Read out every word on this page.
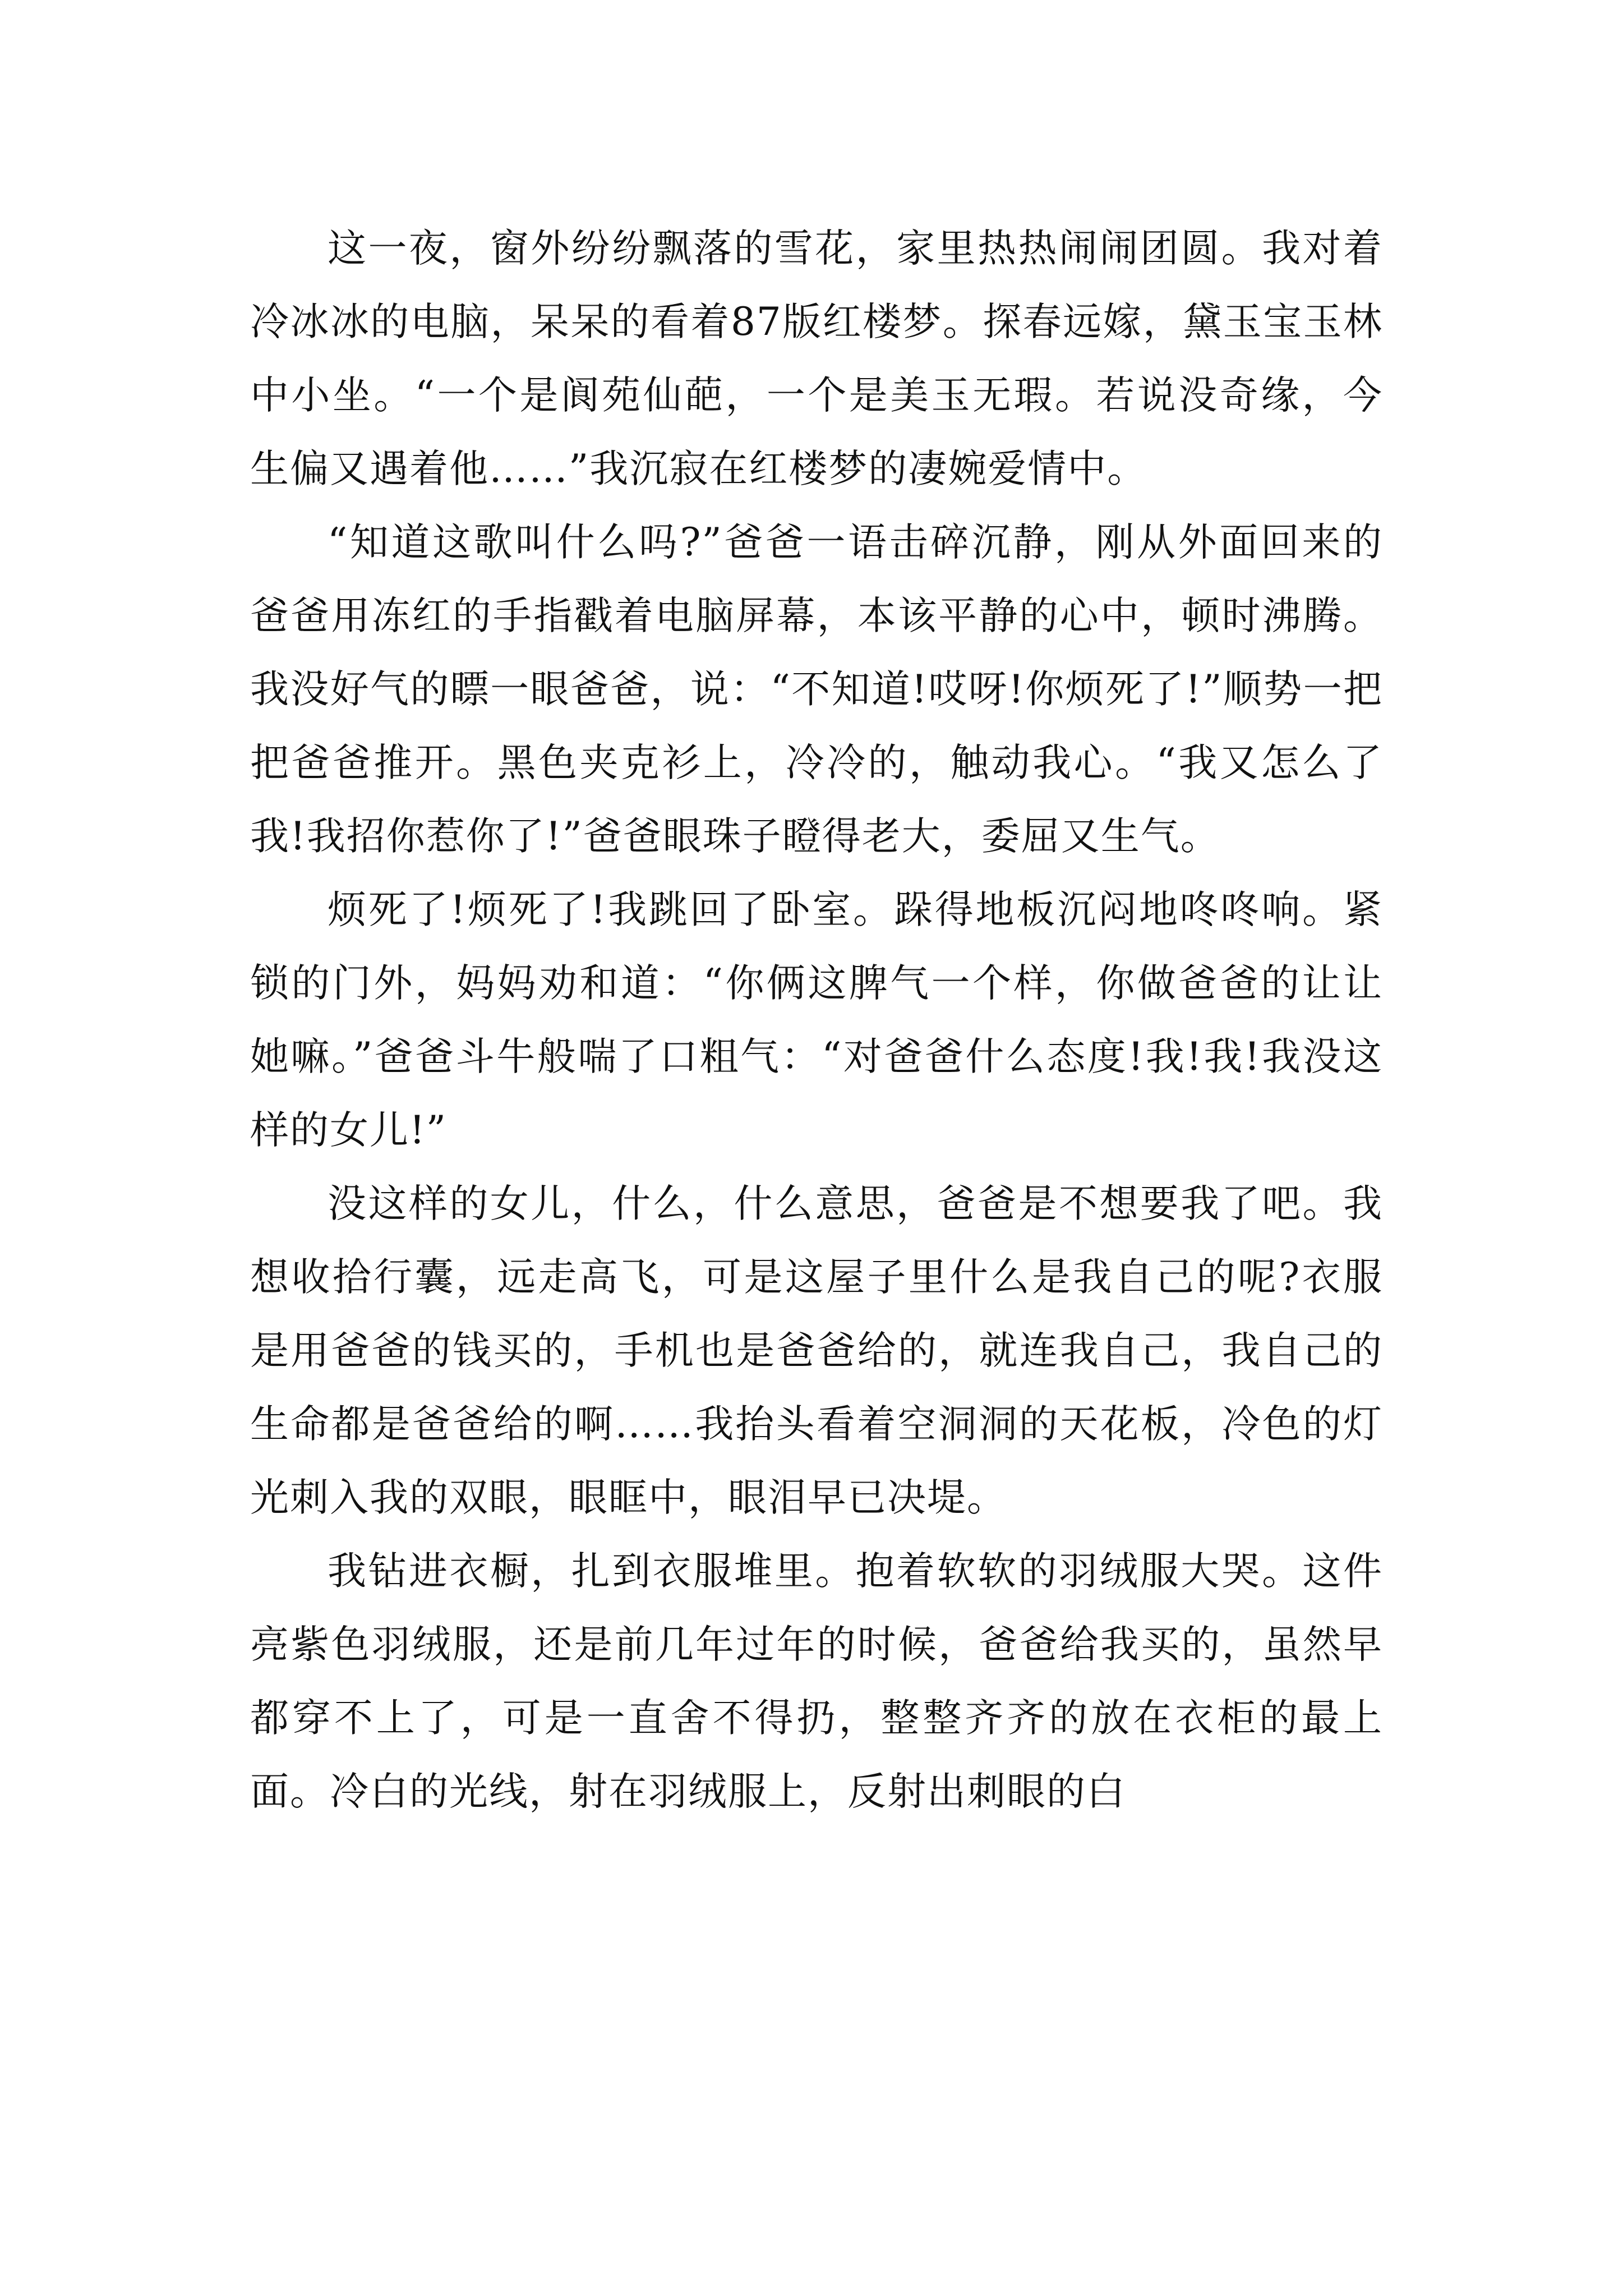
这一夜，窗外纷纷飘落的雪花，家里热热闹闹团圆。我对着冷冰冰的电脑，呆呆的看着87版红楼梦。探春远嫁，黛玉宝玉林中小坐。“一个是阆苑仙葩，一个是美玉无瑕。若说没奇缘，今生偏又遇着他……”我沉寂在红楼梦的凄婉爱情中。

“知道这歌叫什么吗?”爸爸一语击碎沉静，刚从外面回来的爸爸用冻红的手指戳着电脑屏幕，本该平静的心中，顿时沸腾。我没好气的瞟一眼爸爸，说：“不知道!哎呀!你烦死了!”顺势一把把爸爸推开。黑色夹克衫上，冷冷的，触动我心。“我又怎么了我!我招你惹你了!”爸爸眼珠子瞪得老大，委屈又生气。

烦死了!烦死了!我跳回了卧室。跺得地板沉闷地咚咚响。紧锁的门外，妈妈劝和道：“你俩这脾气一个样，你做爸爸的让让她嘛。”爸爸斗牛般喘了口粗气：“对爸爸什么态度!我!我!我没这样的女儿!”

没这样的女儿，什么，什么意思，爸爸是不想要我了吧。我想收拾行囊，远走高飞，可是这屋子里什么是我自己的呢?衣服是用爸爸的钱买的，手机也是爸爸给的，就连我自己，我自己的生命都是爸爸给的啊……我抬头看着空洞洞的天花板，冷色的灯光刺入我的双眼，眼眶中，眼泪早已决堤。

我钻进衣橱，扎到衣服堆里。抱着软软的羽绒服大哭。这件亮紫色羽绒服，还是前几年过年的时候，爸爸给我买的，虽然早都穿不上了，可是一直舍不得扔，整整齐齐的放在衣柜的最上面。冷白的光线，射在羽绒服上，反射出刺眼的白
